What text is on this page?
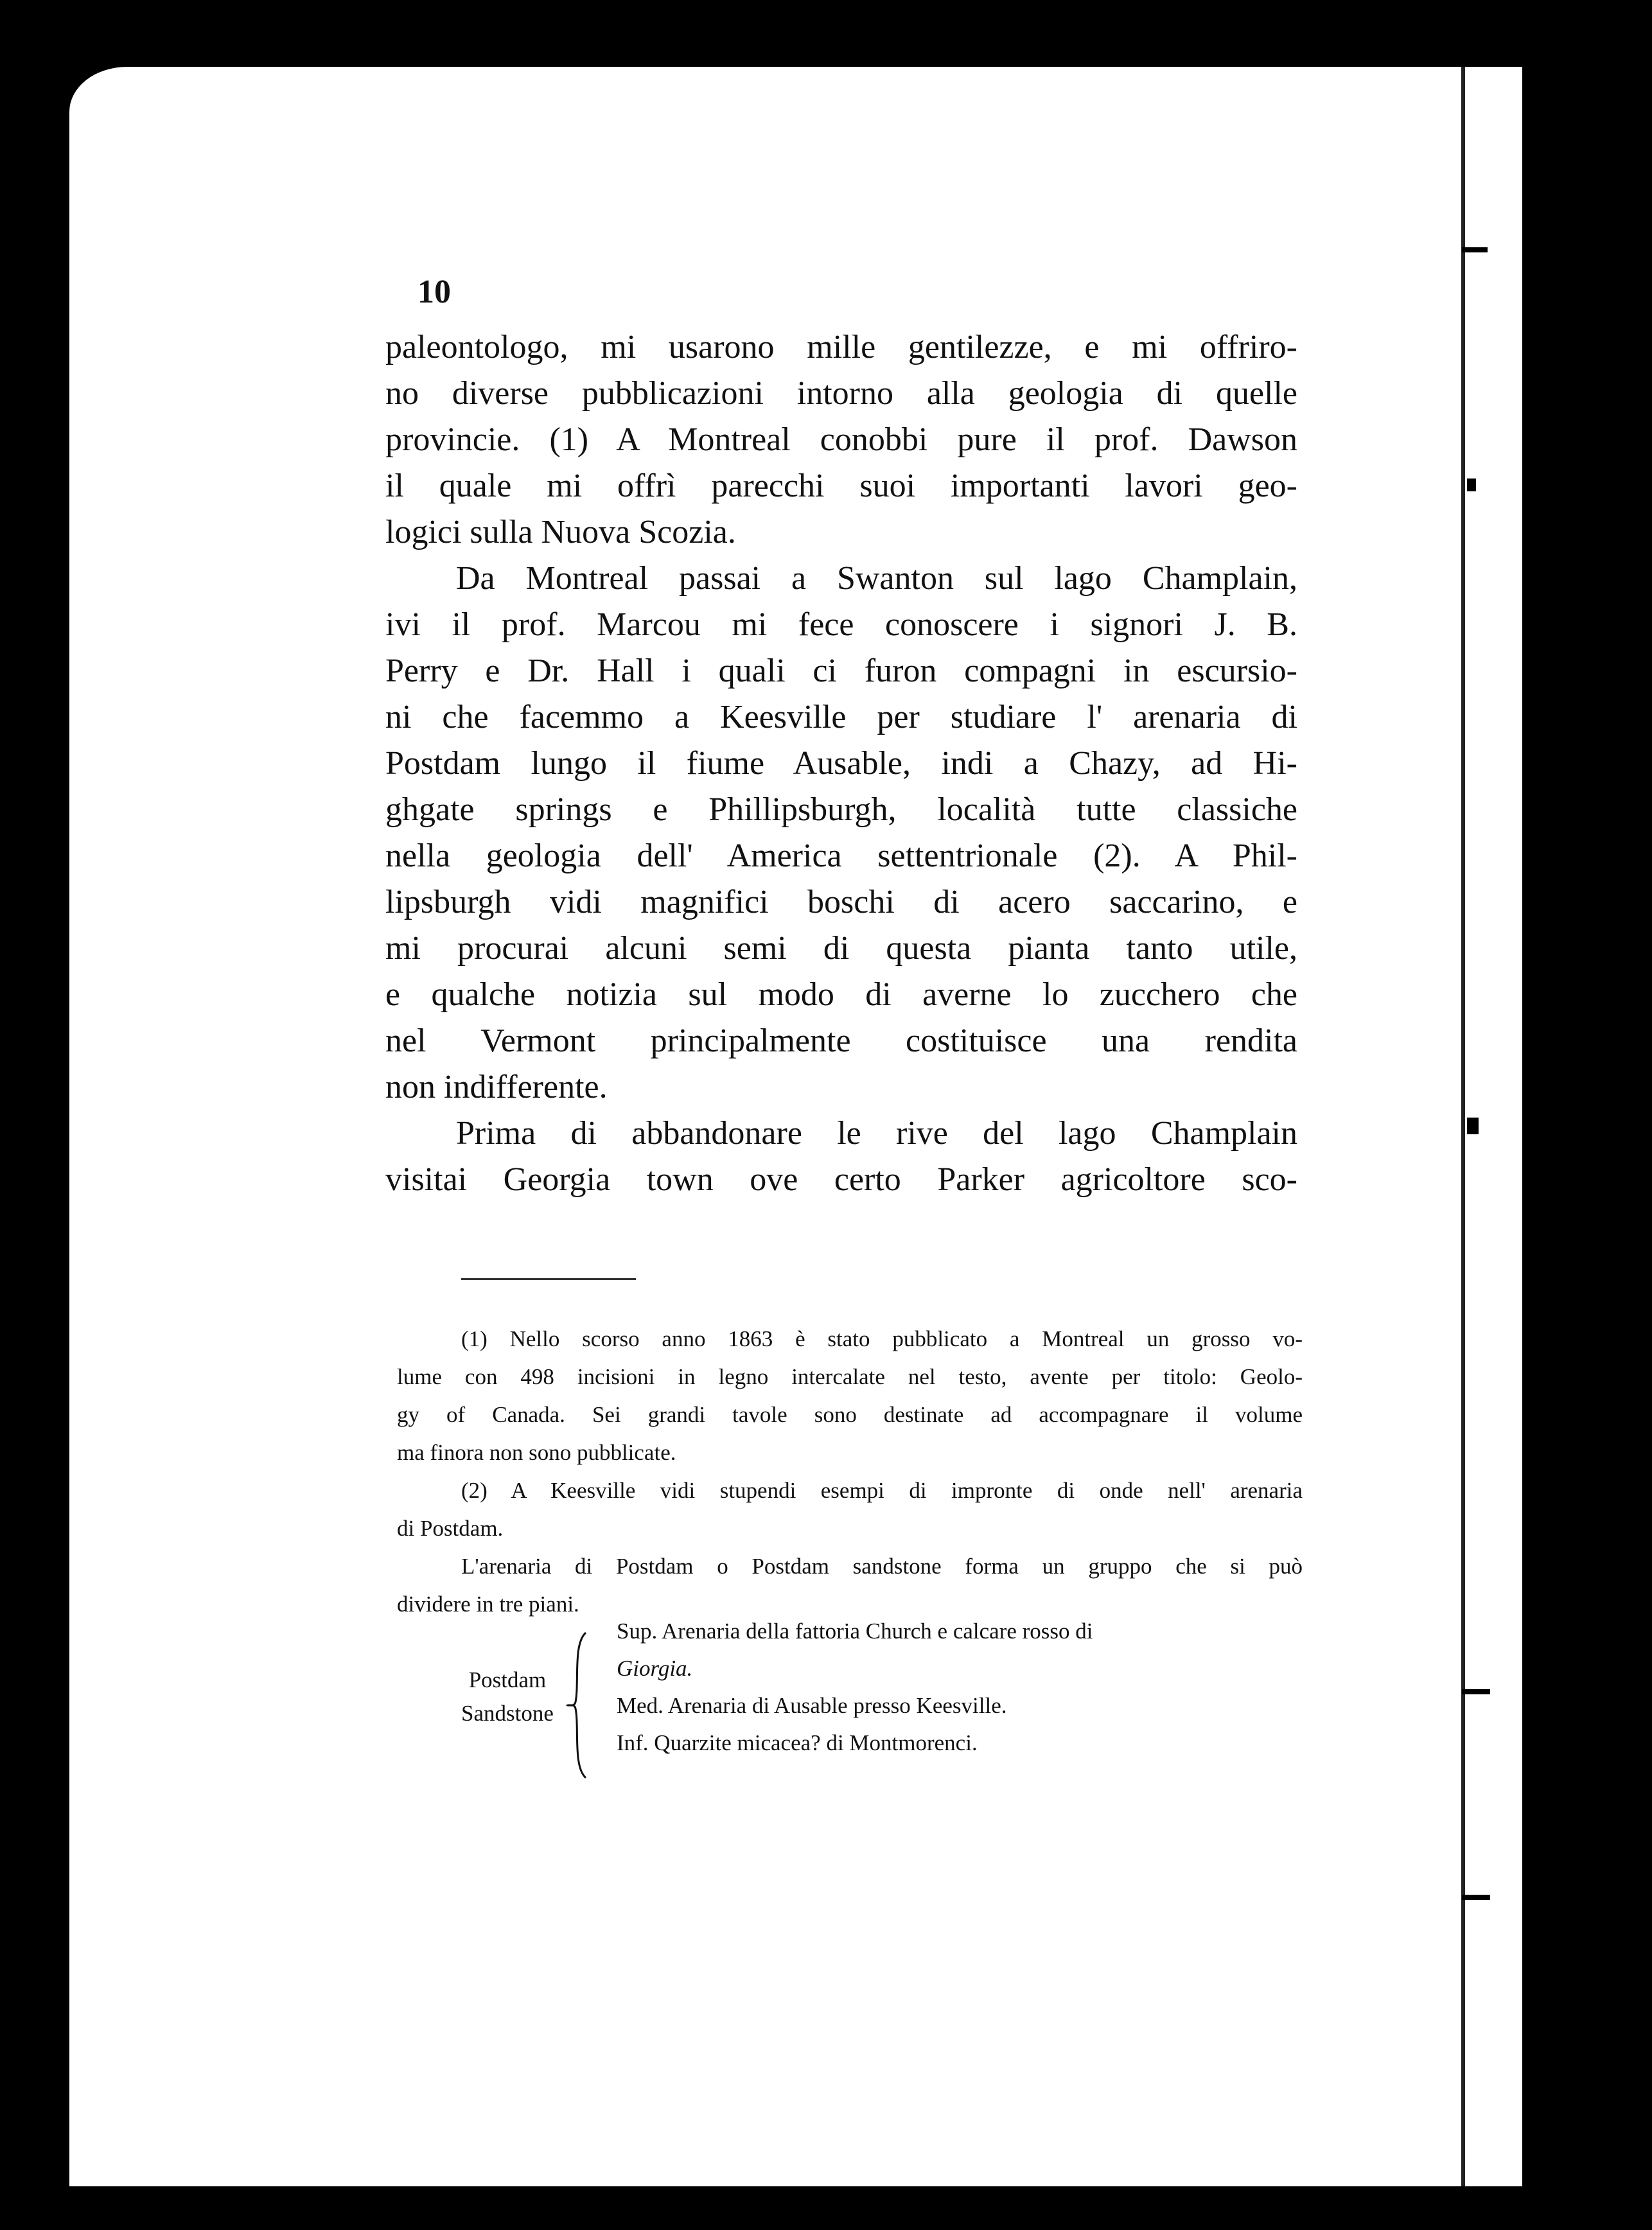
10
paleontologo, mi usarono mille gentilezze, e mi offriro-
no diverse pubblicazioni intorno alla geologia di quelle
provincie. (1) A Montreal conobbi pure il prof. Dawson
il quale mi offrì parecchi suoi importanti lavori geo-
logici sulla Nuova Scozia.
Da Montreal passai a Swanton sul lago Champlain,
ivi il prof. Marcou mi fece conoscere i signori J. B.
Perry e Dr. Hall i quali ci furon compagni in escursio-
ni che facemmo a Keesville per studiare l' arenaria di
Postdam lungo il fiume Ausable, indi a Chazy, ad Hi-
ghgate springs e Phillipsburgh, località tutte classiche
nella geologia dell' America settentrionale (2). A Phil-
lipsburgh vidi magnifici boschi di acero saccarino, e
mi procurai alcuni semi di questa pianta tanto utile,
e qualche notizia sul modo di averne lo zucchero che
nel Vermont principalmente costituisce una rendita
non indifferente.
Prima di abbandonare le rive del lago Champlain
visitai Georgia town ove certo Parker agricoltore sco-
(1) Nello scorso anno 1863 è stato pubblicato a Montreal un grosso vo-
lume con 498 incisioni in legno intercalate nel testo, avente per titolo: Geolo-
gy of Canada. Sei grandi tavole sono destinate ad accompagnare il volume
ma finora non sono pubblicate.
(2) A Keesville vidi stupendi esempi di impronte di onde nell' arenaria
di Postdam.
L'arenaria di Postdam o Postdam sandstone forma un gruppo che si può
dividere in tre piani.
Postdam
Sandstone
Sup. Arenaria della fattoria Church e calcare rosso di
Giorgia.
Med. Arenaria di Ausable presso Keesville.
Inf. Quarzite micacea? di Montmorenci.
